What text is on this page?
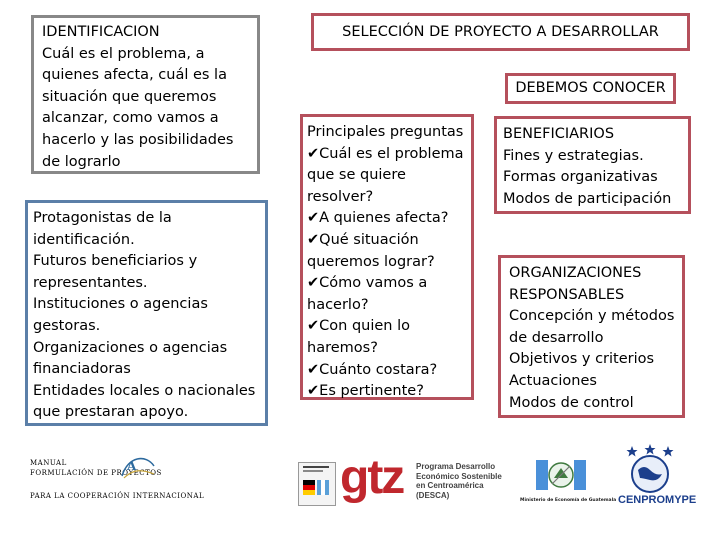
IDENTIFICACION
Cuál es el problema, a
quienes afecta, cuál es la
situación que queremos
alcanzar, como vamos a
hacerlo y las posibilidades
de lograrlo
Protagonistas de la
identificación.
Futuros beneficiarios y
representantes.
Instituciones o agencias
gestoras.
Organizaciones o agencias
financiadoras
Entidades locales o nacionales
que prestaran apoyo.
SELECCIÓN DE PROYECTO A DESARROLLAR
DEBEMOS CONOCER
Principales preguntas
✔Cuál es el problema
que se quiere
resolver?
✔A quienes afecta?
✔Qué situación
queremos lograr?
✔Cómo vamos a
hacerlo?
✔Con quien lo
haremos?
✔Cuánto costara?
✔Es pertinente?
BENEFICIARIOS
Fines y estrategias.
Formas organizativas
Modos de participación
ORGANIZACIONES
RESPONSABLES
Concepción y métodos
de desarrollo
Objetivos y criterios
Actuaciones
Modos de control
MANUAL
FORMULACIÓN DE PROYECTOS
A
PARA LA COOPERACIÓN INTERNACIONAL	gtz Programa Desarrollo
Económico Sostenible
en Centroamérica
(DESCA)
Ministerio de Economía de Guatemala CENPROMYPE
